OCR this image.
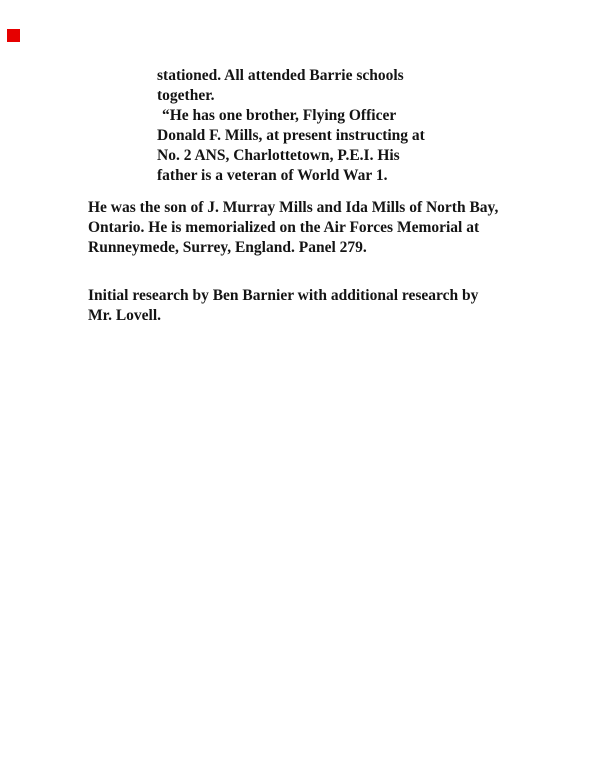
stationed. All attended Barrie schools
together.
“He has one brother, Flying Officer
Donald F. Mills, at present instructing at
No. 2 ANS, Charlottetown, P.E.I. His
father is a veteran of World War 1.
He was the son of J. Murray Mills and Ida Mills of North Bay,
Ontario. He is memorialized on the Air Forces Memorial at
Runneymede, Surrey, England. Panel 279.
Initial research by Ben Barnier with additional research by
Mr. Lovell.
